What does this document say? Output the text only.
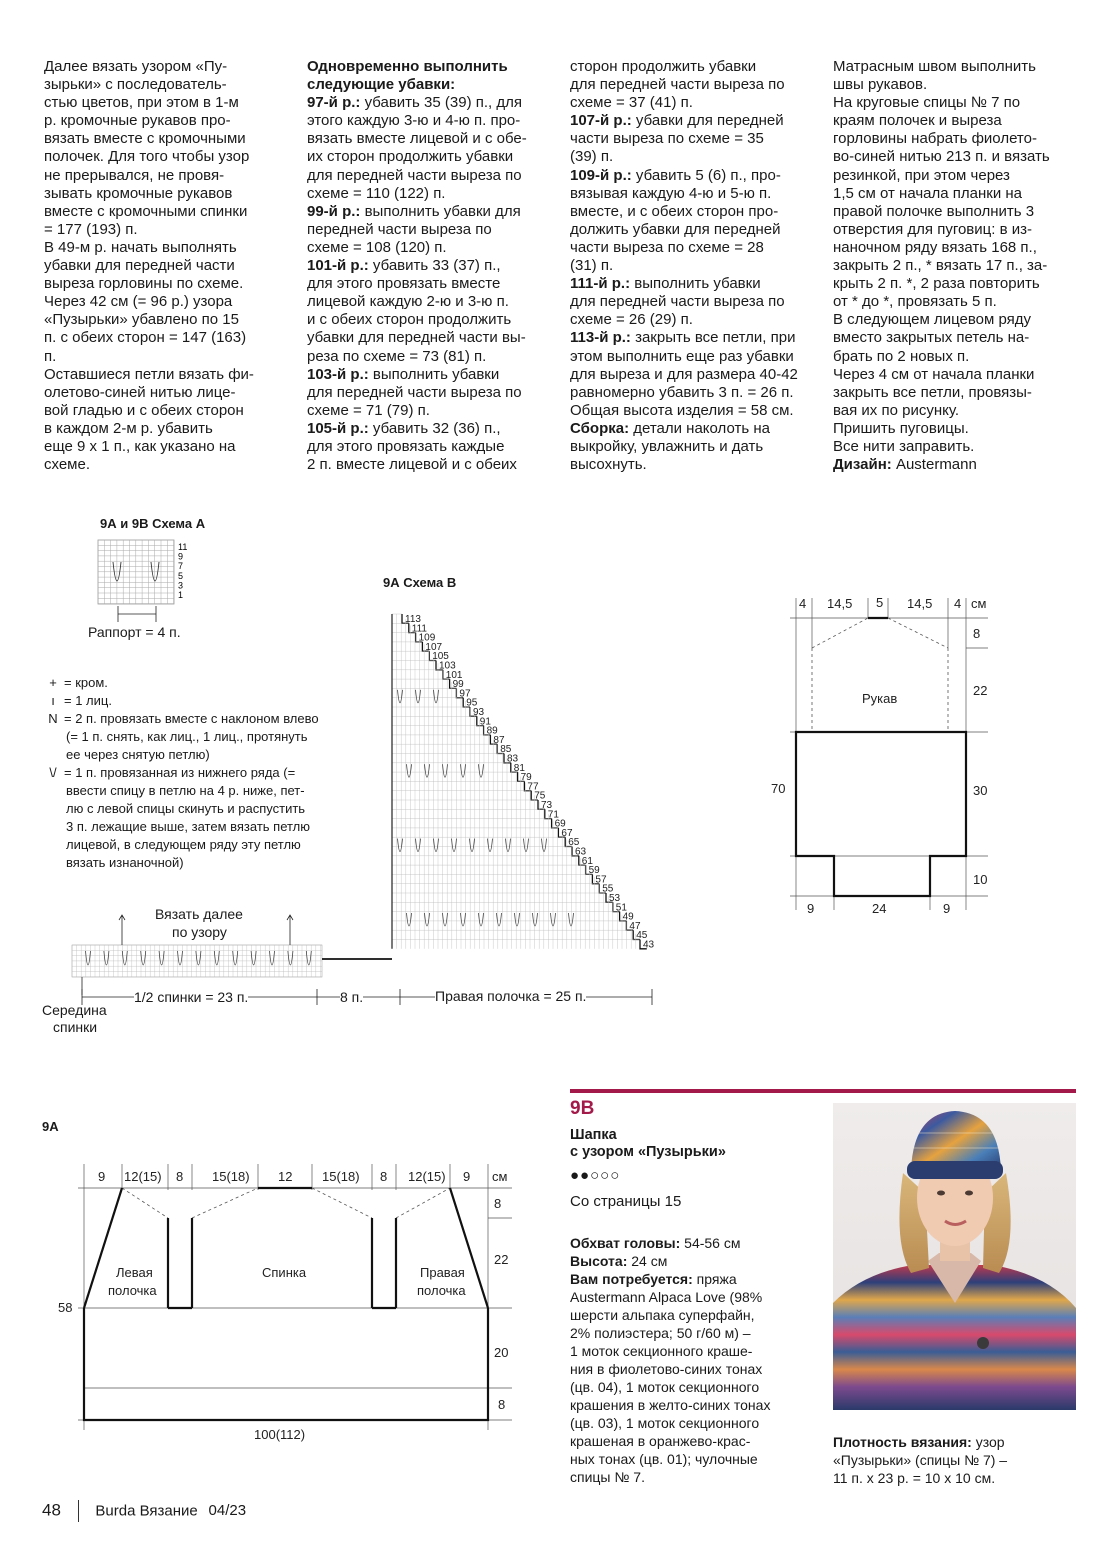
Далее вязать узором «Пу-

зырьки» с последователь-

стью цветов, при этом в 1-м

р. кромочные рукавов про-

вязать вместе с кромочными

полочек. Для того чтобы узор

не прерывался, не провя-

зывать кромочные рукавов

вместе с кромочными спинки

= 177 (193) п.

В 49-м р. начать выполнять

убавки для передней части

выреза горловины по схеме.

Через 42 см (= 96 р.) узора

«Пузырьки» убавлено по 15

п. с обеих сторон = 147 (163)

п.

Оставшиеся петли вязать фи-

олетово-синей нитью лице-

вой гладью и с обеих сторон

в каждом 2-м р. убавить

еще 9 х 1 п., как указано на

схеме.

Одновременно выполнить

следующие убавки:

97-й р.: убавить 35 (39) п., для

этого каждую 3-ю и 4-ю п. про-

вязать вместе лицевой и с обе-

их сторон продолжить убавки

для передней части выреза по

схеме = 110 (122) п.

99-й р.: выполнить убавки для

передней части выреза по

схеме = 108 (120) п.

101-й р.: убавить 33 (37) п.,

для этого провязать вместе

лицевой каждую 2-ю и 3-ю п.

и с обеих сторон продолжить

убавки для передней части вы-

реза по схеме = 73 (81) п.

103-й р.: выполнить убавки

для передней части выреза по

схеме = 71 (79) п.

105-й р.: убавить 32 (36) п.,

для этого провязать каждые

2 п. вместе лицевой и с обеих

сторон продолжить убавки

для передней части выреза по

схеме = 37 (41) п.

107-й р.: убавки для передней

части выреза по схеме = 35

(39) п.

109-й р.: убавить 5 (6) п., про-

вязывая каждую 4-ю и 5-ю п.

вместе, и с обеих сторон про-

должить убавки для передней

части выреза по схеме = 28

(31) п.

111-й р.: выполнить убавки

для передней части выреза по

схеме = 26 (29) п.

113-й р.: закрыть все петли, при

этом выполнить еще раз убавки

для выреза и для размера 40-42

равномерно убавить 3 п. = 26 п.

Общая высота изделия = 58 см.

Сборка: детали наколоть на

выкройку, увлажнить и дать

высохнуть.

Матрасным швом выполнить

швы рукавов.

На круговые спицы № 7 по

краям полочек и выреза

горловины набрать фиолето-

во-синей нитью 213 п. и вязать

резинкой, при этом через

1,5 см от начала планки на

правой полочке выполнить 3

отверстия для пуговиц: в из-

наночном ряду вязать 168 п.,

закрыть 2 п., * вязать 17 п., за-

крыть 2 п. *, 2 раза повторить

от * до *, провязать 5 п.

В следующем лицевом ряду

вместо закрытых петель на-

брать по 2 новых п.

Через 4 см от начала планки

закрыть все петли, провязы-

вая их по рисунку.

Пришить пуговицы.

Все нити заправить.

Дизайн: Austermann

9А и 9В Схема А
11
9
7
5
3
1
Раппорт = 4 п.
9А Схема В
+ = кром.
ı = 1 лиц.
Ν = 2 п. провязать вместе с наклоном влево
(= 1 п. снять, как лиц., 1 лиц., протянуть
ее через снятую петлю)
\/ = 1 п. провязанная из нижнего ряда (=
ввести спицу в петлю на 4 р. ниже, пет-
лю с левой спицы скинуть и распустить
3 п. лежащие выше, затем вязать петлю
лицевой, в следующем ряду эту петлю
вязать изнаночной)
113
111
109
107
105
103
101
99
97
95
93
91
89
87
85
83
81
79
77
75
73
71
69
67
65
63
61
59
57
55
53
51
49
47
45
43
Вязать далее
по узору
1/2 спинки = 23 п.	8 п.	Правая полочка = 25 п.
Середина
спинки
4 14,5 5 14,5 4 см
8
22
30
10
70
9	24	9
Рукав
9А
9 12(15) 8 15(18) 12 15(18) 8 12(15) 9 см
8
22
20
8
58
100(112)
Левая
полочка
Спинка	Правая
полочка
9В
Шапка
с узором «Пузырьки»
●●○○○
Со страницы 15
Обхват головы: 54-56 см
Высота: 24 см
Вам потребуется: пряжа
Austermann Alpaca Love (98%
шерсти альпака суперфайн,
2% полиэстера; 50 г/60 м) –
1 моток секционного краше-
ния в фиолетово-синих тонах
(цв. 04), 1 моток секционного
крашения в желто-синих тонах
(цв. 03), 1 моток секционного
крашеная в оранжево-крас-
ных тонах (цв. 01); чулочные
спицы № 7.
Плотность вязания: узор
«Пузырьки» (спицы № 7) –
11 п. х 23 р. = 10 х 10 см.
48 Burda Вязание 04/23
